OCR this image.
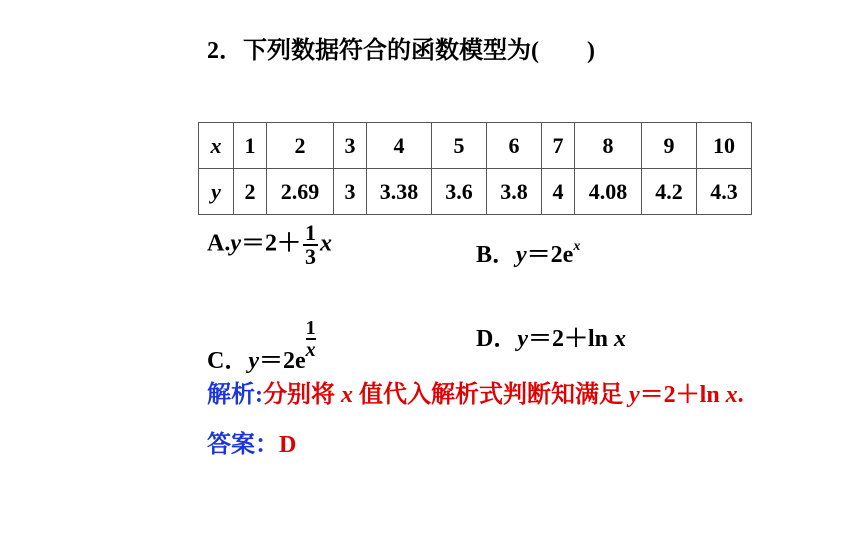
2．下列数据符合的函数模型为(　　)
x	1	2	3	4	5	6	7	8	9	10
y	2	2.69	3	3.38	3.6	3.8	4	4.08	4.2	4.3
$A.y=2+ \frac{1}{3}$ x	B．$y=2e^x$
C．$y=2e\frac{1}{x}$	D．y＝2＋ln x
解析:分别将 x 值代入解析式判断知满足 y＝2＋ln x.
答案：D
